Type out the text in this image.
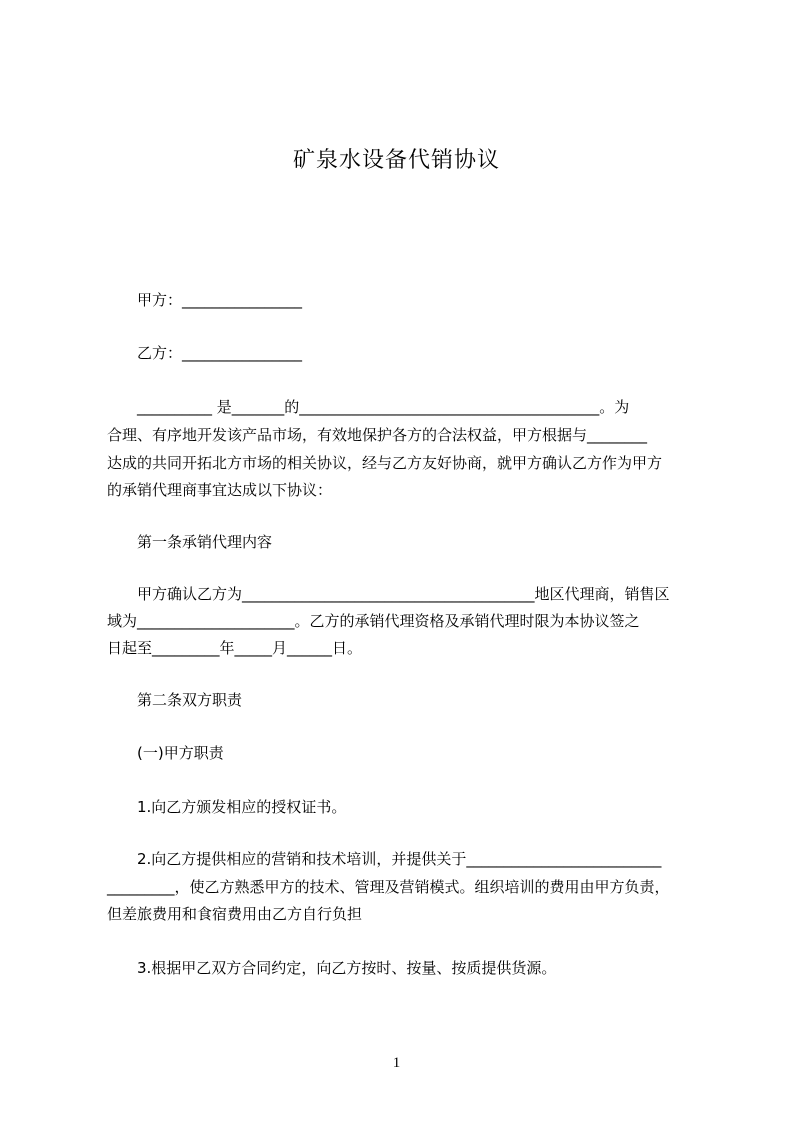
矿泉水设备代销协议
甲方：________________
乙方：________________
__________ 是_______的________________________________________。为
合理、有序地开发该产品市场，有效地保护各方的合法权益，甲方根据与________
达成的共同开拓北方市场的相关协议，经与乙方友好协商，就甲方确认乙方作为甲方
的承销代理商事宜达成以下协议：
第一条承销代理内容
甲方确认乙方为_______________________________________地区代理商，销售区
域为_____________________。乙方的承销代理资格及承销代理时限为本协议签之
日起至_________年_____月______日。
第二条双方职责
(一)甲方职责
1.向乙方颁发相应的授权证书。
2.向乙方提供相应的营销和技术培训，并提供关于__________________________
_________，使乙方熟悉甲方的技术、管理及营销模式。组织培训的费用由甲方负责，
但差旅费用和食宿费用由乙方自行负担
3.根据甲乙双方合同约定，向乙方按时、按量、按质提供货源。
1
